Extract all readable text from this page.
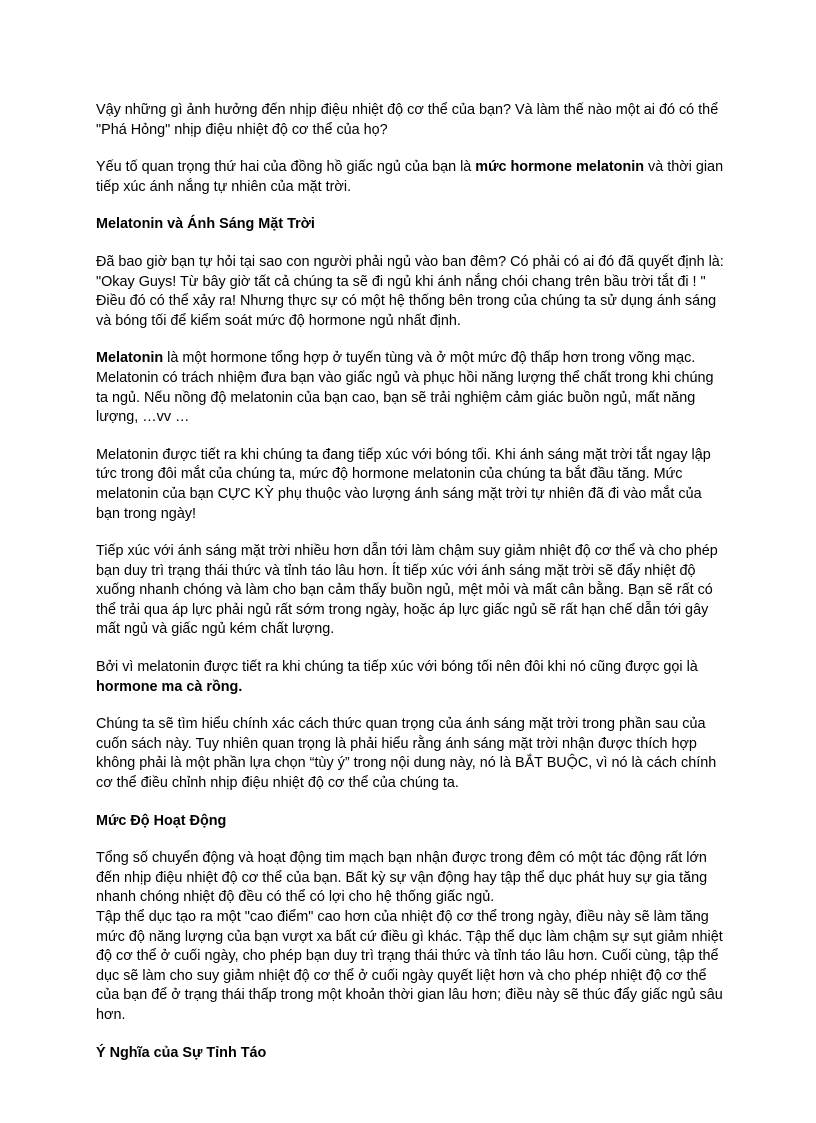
Vậy những gì ảnh hưởng đến nhịp điệu nhiệt độ cơ thể của bạn? Và làm thế nào một ai đó có thể "Phá Hỏng" nhịp điệu nhiệt độ cơ thể của họ?

Yếu tố quan trọng thứ hai của đồng hồ giấc ngủ của bạn là mức hormone melatonin và thời gian tiếp xúc ánh nắng tự nhiên của mặt trời.

Melatonin và Ánh Sáng Mặt Trời

Đã bao giờ bạn tự hỏi tại sao con người phải ngủ vào ban đêm? Có phải có ai đó đã quyết định là: "Okay Guys! Từ bây giờ tất cả chúng ta sẽ đi ngủ khi ánh nắng chói chang trên bầu trời tắt đi ! " Điều đó có thể xảy ra! Nhưng thực sự có một hệ thống bên trong của chúng ta sử dụng ánh sáng và bóng tối để kiểm soát mức độ hormone ngủ nhất định.

Melatonin là một hormone tổng hợp ở tuyến tùng và ở một mức độ thấp hơn trong võng mạc. Melatonin có trách nhiệm đưa bạn vào giấc ngủ và phục hồi năng lượng thể chất trong khi chúng ta ngủ. Nếu nồng độ melatonin của bạn cao, bạn sẽ trải nghiệm cảm giác buồn ngủ, mất năng lượng, …vv …

Melatonin được tiết ra khi chúng ta đang tiếp xúc với bóng tối. Khi ánh sáng mặt trời tắt ngay lập tức trong đôi mắt của chúng ta, mức độ hormone melatonin của chúng ta bắt đầu tăng. Mức melatonin của bạn CỰC KỲ phụ thuộc vào lượng ánh sáng mặt trời tự nhiên đã đi vào mắt của bạn trong ngày!

Tiếp xúc với ánh sáng mặt trời nhiều hơn dẫn tới làm chậm suy giảm nhiệt độ cơ thể và cho phép bạn duy trì trạng thái thức và tỉnh táo lâu hơn. Ít tiếp xúc với ánh sáng mặt trời sẽ đẩy nhiệt độ xuống nhanh chóng và làm cho bạn cảm thấy buồn ngủ, mệt mỏi và mất cân bằng. Bạn sẽ rất có thể trải qua áp lực phải ngủ rất sớm trong ngày, hoặc áp lực giấc ngủ sẽ rất hạn chế dẫn tới gây mất ngủ và giấc ngủ kém chất lượng.

Bởi vì melatonin được tiết ra khi chúng ta tiếp xúc với bóng tối nên đôi khi nó cũng được gọi là hormone ma cà rồng.

Chúng ta sẽ tìm hiểu chính xác cách thức quan trọng của ánh sáng mặt trời trong phần sau của cuốn sách này. Tuy nhiên quan trọng là phải hiểu rằng ánh sáng mặt trời nhận được thích hợp không phải là một phần lựa chọn “tùy ý” trong nội dung này, nó là BẮT BUỘC, vì nó là cách chính cơ thể điều chỉnh nhịp điệu nhiệt độ cơ thể của chúng ta.

Mức Độ Hoạt Động

Tổng số chuyển động và hoạt động tim mạch bạn nhận được trong đêm có một tác động rất lớn đến nhịp điệu nhiệt độ cơ thể của bạn. Bất kỳ sự vận động hay tập thể dục phát huy sự gia tăng nhanh chóng nhiệt độ đều có thể có lợi cho hệ thống giấc ngủ.

Tập thể dục tạo ra một "cao điểm" cao hơn của nhiệt độ cơ thể trong ngày, điều này sẽ làm tăng mức độ năng lượng của bạn vượt xa bất cứ điều gì khác. Tập thể dục làm chậm sự sụt giảm nhiệt độ cơ thể ở cuối ngày, cho phép bạn duy trì trạng thái thức và tỉnh táo lâu hơn. Cuối cùng, tập thể dục sẽ làm cho suy giảm nhiệt độ cơ thể ở cuối ngày quyết liệt hơn và cho phép nhiệt độ cơ thể của bạn để ở trạng thái thấp trong một khoản thời gian lâu hơn; điều này sẽ thúc đẩy giấc ngủ sâu hơn.

Ý Nghĩa của Sự Tỉnh Táo
